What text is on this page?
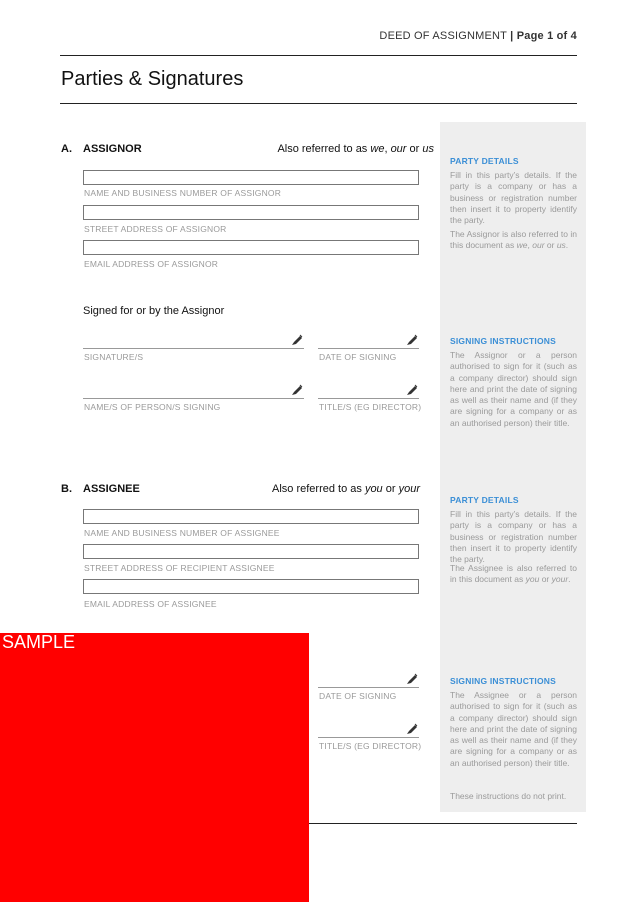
DEED OF ASSIGNMENT | Page 1 of 4
Parties & Signatures
PARTY DETAILS
Fill in this party’s details. If the party is a company or has a business or registration number then insert it to property identify the party.
The Assignor is also referred to in this document as we, our or us.
SIGNING INSTRUCTIONS
The Assignor or a person authorised to sign for it (such as a company director) should sign here and print the date of signing as well as their name and (if they are signing for a company or as an authorised person) their title.
PARTY DETAILS
Fill in this party’s details. If the party is a company or has a business or registration number then insert it to property identify the party.
The Assignee is also referred to in this document as you or your.
SIGNING INSTRUCTIONS
The Assignee or a person authorised to sign for it (such as a company director) should sign here and print the date of signing as well as their name and (if they are signing for a company or as an authorised person) their title.
These instructions do not print.
A. ASSIGNOR	Also referred to as we, our or us
NAME AND BUSINESS NUMBER OF ASSIGNOR
STREET ADDRESS OF ASSIGNOR
EMAIL ADDRESS OF ASSIGNOR
Signed for or by the Assignor
SIGNATURE/S	DATE OF SIGNING
NAME/S OF PERSON/S SIGNING	TITLE/S (EG DIRECTOR)
B. ASSIGNEE	Also referred to as you or your
NAME AND BUSINESS NUMBER OF ASSIGNEE
STREET ADDRESS OF RECIPIENT ASSIGNEE
EMAIL ADDRESS OF ASSIGNEE
DATE OF SIGNING
TITLE/S (EG DIRECTOR)
SAMPLE
